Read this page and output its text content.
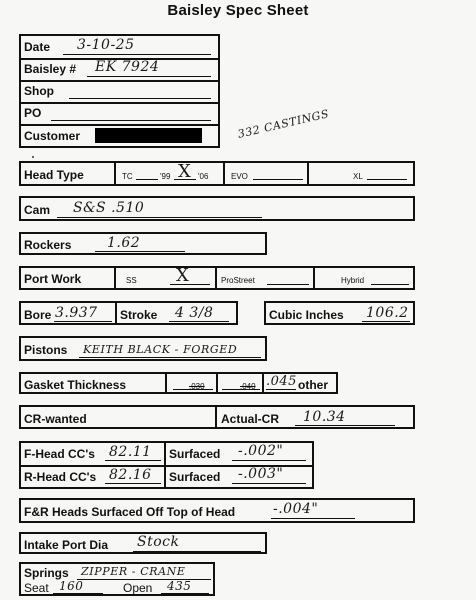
Baisley Spec Sheet
Date 3-10-25
Baisley # EK 7924
Shop
PO
Customer	332 CASTINGS
Head Type	TC	'99 X '06	EVO	XL
Cam S&S .510
Rockers	1.62
Port Work	SS X	ProStreet	Hybrid
Bore 3.937 Stroke 4 3/8	Cubic Inches 106.2
Pistons KEITH BLACK - FORGED
Gasket Thickness	.030	.040 .045 other
CR-wanted	Actual-CR 10.34
F-Head CC's 82.11 Surfaced -.002"
R-Head CC's 82.16 Surfaced -.003"
F&R Heads Surfaced Off Top of Head	-.004"
Intake Port Dia Stock
Springs ZIPPER - CRANE
Seat 160	Open 435
